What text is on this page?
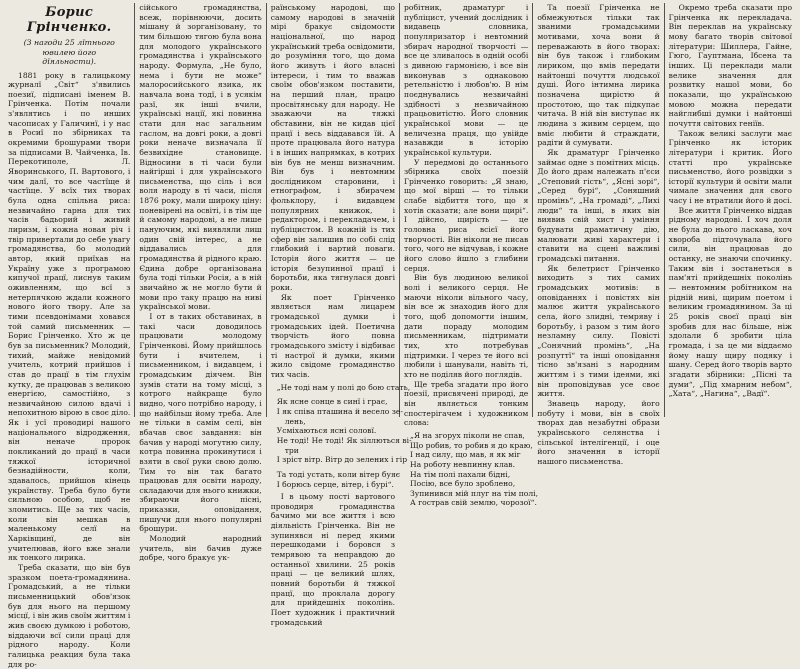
Борис Грінченко.
(З нагоди 25 лїтнього ювилею його
дїяльности).

1881 року в галицькому журналї „Світ“ з'явились поезиї, підписані іменем В. Грінченка. Потім почали з'являтись і по инших часописах у Галичинї, і у нас в Росиї по збірниках та окремими брошурами твори за підписами В. Чайченка, Ів. Перекотиполе, Л. Яворинського, П. Вартового, і чим далї, то все частїще й частїще. У всїх тих творах була одна спільна риса: незвичайно гарна для тих часів бадьорий і живий лиризм, і кожна новая річ і твір привертали до себе увагу громадянства, бо молодий автор, який приїхав на Україну уже з програмою кипучої працї, лиснув таким оживленням, що всї з нетерпячкою ждали кожного нового його твору. Але за тими псевдонімами ховався той самий письменник — Борис Грінченко. Хто ж це був за письменник? Молодий, тихий, майже невідомий учитель, котрий прийшов і став до працї в тім глухім кутку, де працював з великою енергією, самостійно, з незвичайною силою вдачі і непохитною вірою в своє діло. Як і усї проводирі нашого національного відродження, він неначе пророк покликаний до працї в часи тяжкої історичної безнадійности, коли, здавалось, прийшов кінець українству. Треба було бути сильною особою, щоб не зломитись. Ще за тих часів, коли він мешкав в маленькому селї на Харківщинї, де він учителював, його вже знали як тонкого лирика.

Треба сказати, що він був зразком поета-громадянина. Громадський, а не тільки письменницький обов'язок був для нього на першому місцї, і він жив своїм життям і жив своєю думкою і роботою, віддаючи всї сили праці для рідного народу. Коли галицька реакция була така для ро-

сійського громадянства, всеж, порівнюючи, досить мішану й зорганізовану, то тим більшою тягою була вона для молодого українського громадянства і українського народу. Формула, „Не було, нема і бути не може“ малоросийського язика, як навчала вона тодї, і в усякім разї, як інші вчили, українські нації, які повинна стати для нас загальним гаслом, на довгі роки, а довгі роки неначе визначала її безвихідне становище. Відносини в ті часи були найгірші і для українського письменства, що сіль і вся воля народу в ті часи, після 1876 року, мали широку ціну: поневірені на освіті, і в тім ще й самому народові, а не лише пануючим, які виявляли лиш один свій інтерес, а не віддавались для громадянства й рідного краю. Єдина добре організована була тоді тільки Росія, а в ній звичайно ж не могло бути й мови про таку працю на ниві української мови.

І от в таких обставинах, в такі часи доводилось працювати молодому Грінченкові. Йому прийшлось бути і вчителем, і письменником, і видавцем, і громадським діячем. Він зумів стати на тому місці, з котрого найкраще було видно, чого потрібно народу, і що найбільш йому треба. Але не тільки в самім селі, він вбачав своє завдання: він бачив у народі могутню силу, котра повинна прокинутися і взяти в свої руки свою долю. Тим то він так багато працював для освіти народу, складаючи для нього книжки, збираючи його пісні, приказки, оповідання, пишучи для нього популярні брошури.

Молодий народний учитель, він бачив дуже добре, чого бракує ук-

раїнському народові, що самому народові в значній мірі бракує свідомости національної, що народ український треба освідомити, до розуміння того, що дома його живуть і його власні інтереси, і тим то вважав своїм обов'язком поставити, на перший план, працю просвітянську для народу. Не зважаючи на тяжкі обставини, він не кидав цієї працї і весь віддавався їй. А проте працювала його натура і в інших напрямках, в котрих він був не менш визначним. Він був і невтомним дослідником старовини, і етнографом, і збирачем фольклору, і видавцем популярних книжок, і редактором, і перекладачем, і публіцистом. В кожній із тих сфер він залишив по собі слід глибокий і вартий поваги. Історія його життя — це історія безупинної працї і боротьби, яка тягнулася довгі роки.

Як поет Грінченко являється нам лицарем громадської думки і громадських ідей. Поетична творчість його повна громадського змісту і відбиває ті настрої й думки, якими жило свідоме громадянство тих часів.

„Не тоді нам у полі до бою стать,
Як ясне сонце в синї і грає,
І як співа пташина й весело зе-
лень,
Усміхаються ясні соловї.
Не тоді! Не тоді! Як зіллються ві-
три
І зріст вітр. Вітр до зелених і гір
Та тоді устать, коли вітер буяє
І борюсь серце, вітер, і бурі“.

І в цьому пості вартового проводиря громадянства бачимо ми все життя і всю діяльність Грінченка. Він не зупинявся ні перед якими перешкодами і боровся з темрявою та неправдою до останньої хвилини. 25 років праці — це великий шлях, повний боротьби й тяжкої працї, що проклала дорогу для прийдешніх поколінь. Поет художник і практичний громадський

робітник, драматург і публіцист, учений дослідник і видавець словника, популяризатор і невтомний збирач народної творчості — все це зливалось в одній особі з дивною гармонією, і все він виконував з однаковою ретельністю і любов'ю. В нім поєднувались незвичайні здібності з незвичайною працьовитістю. Його словник української мови — це величезна праця, що увійде назавжди в історію української культури.

У передмові до останнього збірника своїх поезій Грінченко говорить: „Я знаю, що мої вірші — то тільки слабе відбиття того, що я хотів сказати; але вони щирі“. І дійсно, щирість — це головна риса всієї його творчості. Він ніколи не писав того, чого не відчував, і кожне його слово йшло з глибини серця.

Він був людиною великої волі і великого серця. Не маючи ніколи вільного часу, він все ж знаходив його для того, щоб допомогти іншим, дати пораду молодим письменникам, підтримати тих, хто потребував підтримки. І через те його всі любили і шанували, навіть ті, хто не поділяв його поглядів.

Ще треба згадати про його поезії, присвячені природі, де він являється тонким спостерігачем і художником слова:

„Я на згорух піколи не спав,
Що робив, то робив я до краю,
І над силу, що мав, я як міг
На роботу невпинну клав.
На тім полі пахали бідні,
Посію, все було зроблено,
Зупинився мій плуг на тім полі,
А гострав свій землю, чорозої“.

Та поезії Грінченка не обмежуються тільки так званими громадськими мотивами, хоча вони й переважають в його творах: він був також і глибоким лириком, що вмів передати найтонші почуття людської душі. Його інтимна лирика позначена щирістю й простотою, що так підкупає читача. В ній він виступає як людина з живим серцем, що вміє любити й страждати, радіти й сумувати.

Як драматург Грінченко займає одне з помітних місць. До його драм належать п'єси „Степовий гість“, „Ясні зорі“, „Серед бурі“, „Соняшний промінь“, „На громаді“, „Лихі люди“ та інші, в яких він виявив свій хист і уміння будувати драматичну дію, малювати живі характери і ставити на сцені важливі громадські питання.

Як белетрист Грінченко виходить з тих самих громадських мотивів: в оповіданнях і повістях він малює життя українського села, його злидні, темряву і боротьбу, і разом з тим його незламну силу. Повісті „Сонячний промінь“, „На розпуттї“ та інші оповідання тісно зв'язані з народним життям і з тими ідеями, які він проповідував усе своє життя.

Знавець народу, його побуту і мови, він в своїх творах дав незабутні образи українського селянства і сільської інтелігенції, і оце його значення в історії нашого письменства.

Окремо треба сказати про Грінченка як перекладача. Він переклав на українську мову багато творів світової літератури: Шиллера, Гайне, Гюго, Гауптмана, Ібсена та інших. Ці переклади мали велике значення для розвитку нашої мови, бо показали, що українською мовою можна передати найглибші думки і найтонші почуття світових геніїв.

Також великі заслуги має Грінченко як історик літератури і критик. Його статті про українське письменство, його розвідки з історії культури й освіти мали чимале значення для свого часу і не втратили його й досі.

Все життя Грінченко віддав рідному народові. І хоч доля не була до нього ласкава, хоч хвороба підточувала його сили, він працював до останку, не знаючи спочинку. Таким він і зостанеться в пам'яті прийдешніх поколінь — невтомним робітником на рідній ниві, щирим поетом і великим громадянином. За ці 25 років своєї праці він зробив для нас більше, ніж здолали б зробити ціла громада, і за це ми віддаємо йому нашу щиру подяку і шану. Серед його творів варто згадати збірники: „Пісні та думи“, „Під хмарним небом“, „Хата“, „Нагина“, „Вадї“.
